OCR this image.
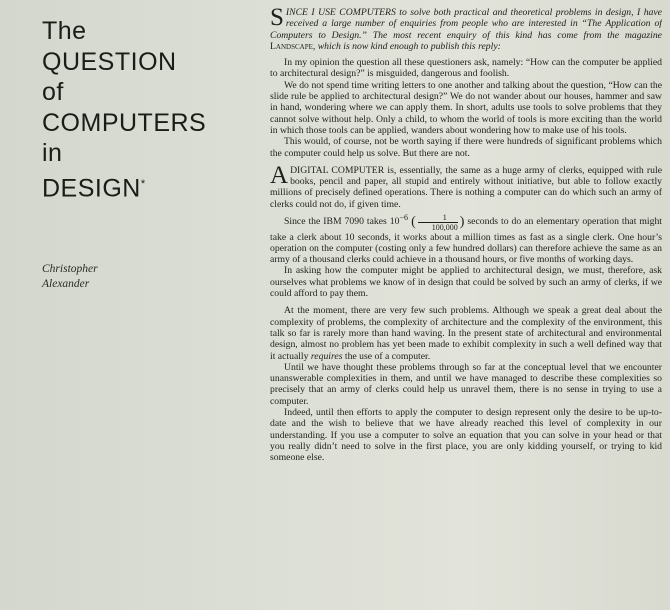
The
QUESTION
of
COMPUTERS
in
DESIGN*
Christopher
Alexander

SINCE I USE COMPUTERS to solve both practical and theoretical problems in design, I have received a large number of enquiries from people who are interested in “The Application of Computers to Design.” The most recent enquiry of this kind has come from the magazine Landscape, which is now kind enough to publish this reply:

In my opinion the question all these questioners ask, namely: “How can the computer be applied to architectural design?” is misguided, dangerous and foolish.

We do not spend time writing letters to one another and talking about the question, “How can the slide rule be applied to architectural design?” We do not wander about our houses, hammer and saw in hand, wondering where we can apply them. In short, adults use tools to solve problems that they cannot solve without help. Only a child, to whom the world of tools is more exciting than the world in which those tools can be applied, wanders about wondering how to make use of his tools.

This would, of course, not be worth saying if there were hundreds of significant problems which the computer could help us solve. But there are not.

A DIGITAL COMPUTER is, essentially, the same as a huge army of clerks, equipped with rule books, pencil and paper, all stupid and entirely without initiative, but able to follow exactly millions of precisely defined operations. There is nothing a computer can do which such an army of clerks could not do, if given time.

Since the IBM 7090 takes $10^{-6}$ ( $\frac{1}{100,000}$ ) seconds to do an elementary operation that might take a clerk about 10 seconds, it works about a million times as fast as a single clerk. One hour’s operation on the computer (costing only a few hundred dollars) can therefore achieve the same as an army of a thousand clerks could achieve in a thousand hours, or five months of working days.

In asking how the computer might be applied to architectural design, we must, therefore, ask ourselves what problems we know of in design that could be solved by such an army of clerks, if we could afford to pay them.

At the moment, there are very few such problems. Although we speak a great deal about the complexity of problems, the complexity of architecture and the complexity of the environment, this talk so far is rarely more than hand waving. In the present state of architectural and environmental design, almost no problem has yet been made to exhibit complexity in such a well defined way that it actually requires the use of a computer.

Until we have thought these problems through so far at the conceptual level that we encounter unanswerable complexities in them, and until we have managed to describe these complexities so precisely that an army of clerks could help us unravel them, there is no sense in trying to use a computer.

Indeed, until then efforts to apply the computer to design represent only the desire to be up-to-date and the wish to believe that we have already reached this level of complexity in our understanding. If you use a computer to solve an equation that you can solve in your head or that you really didn’t need to solve in the first place, you are only kidding yourself, or trying to kid someone else.
